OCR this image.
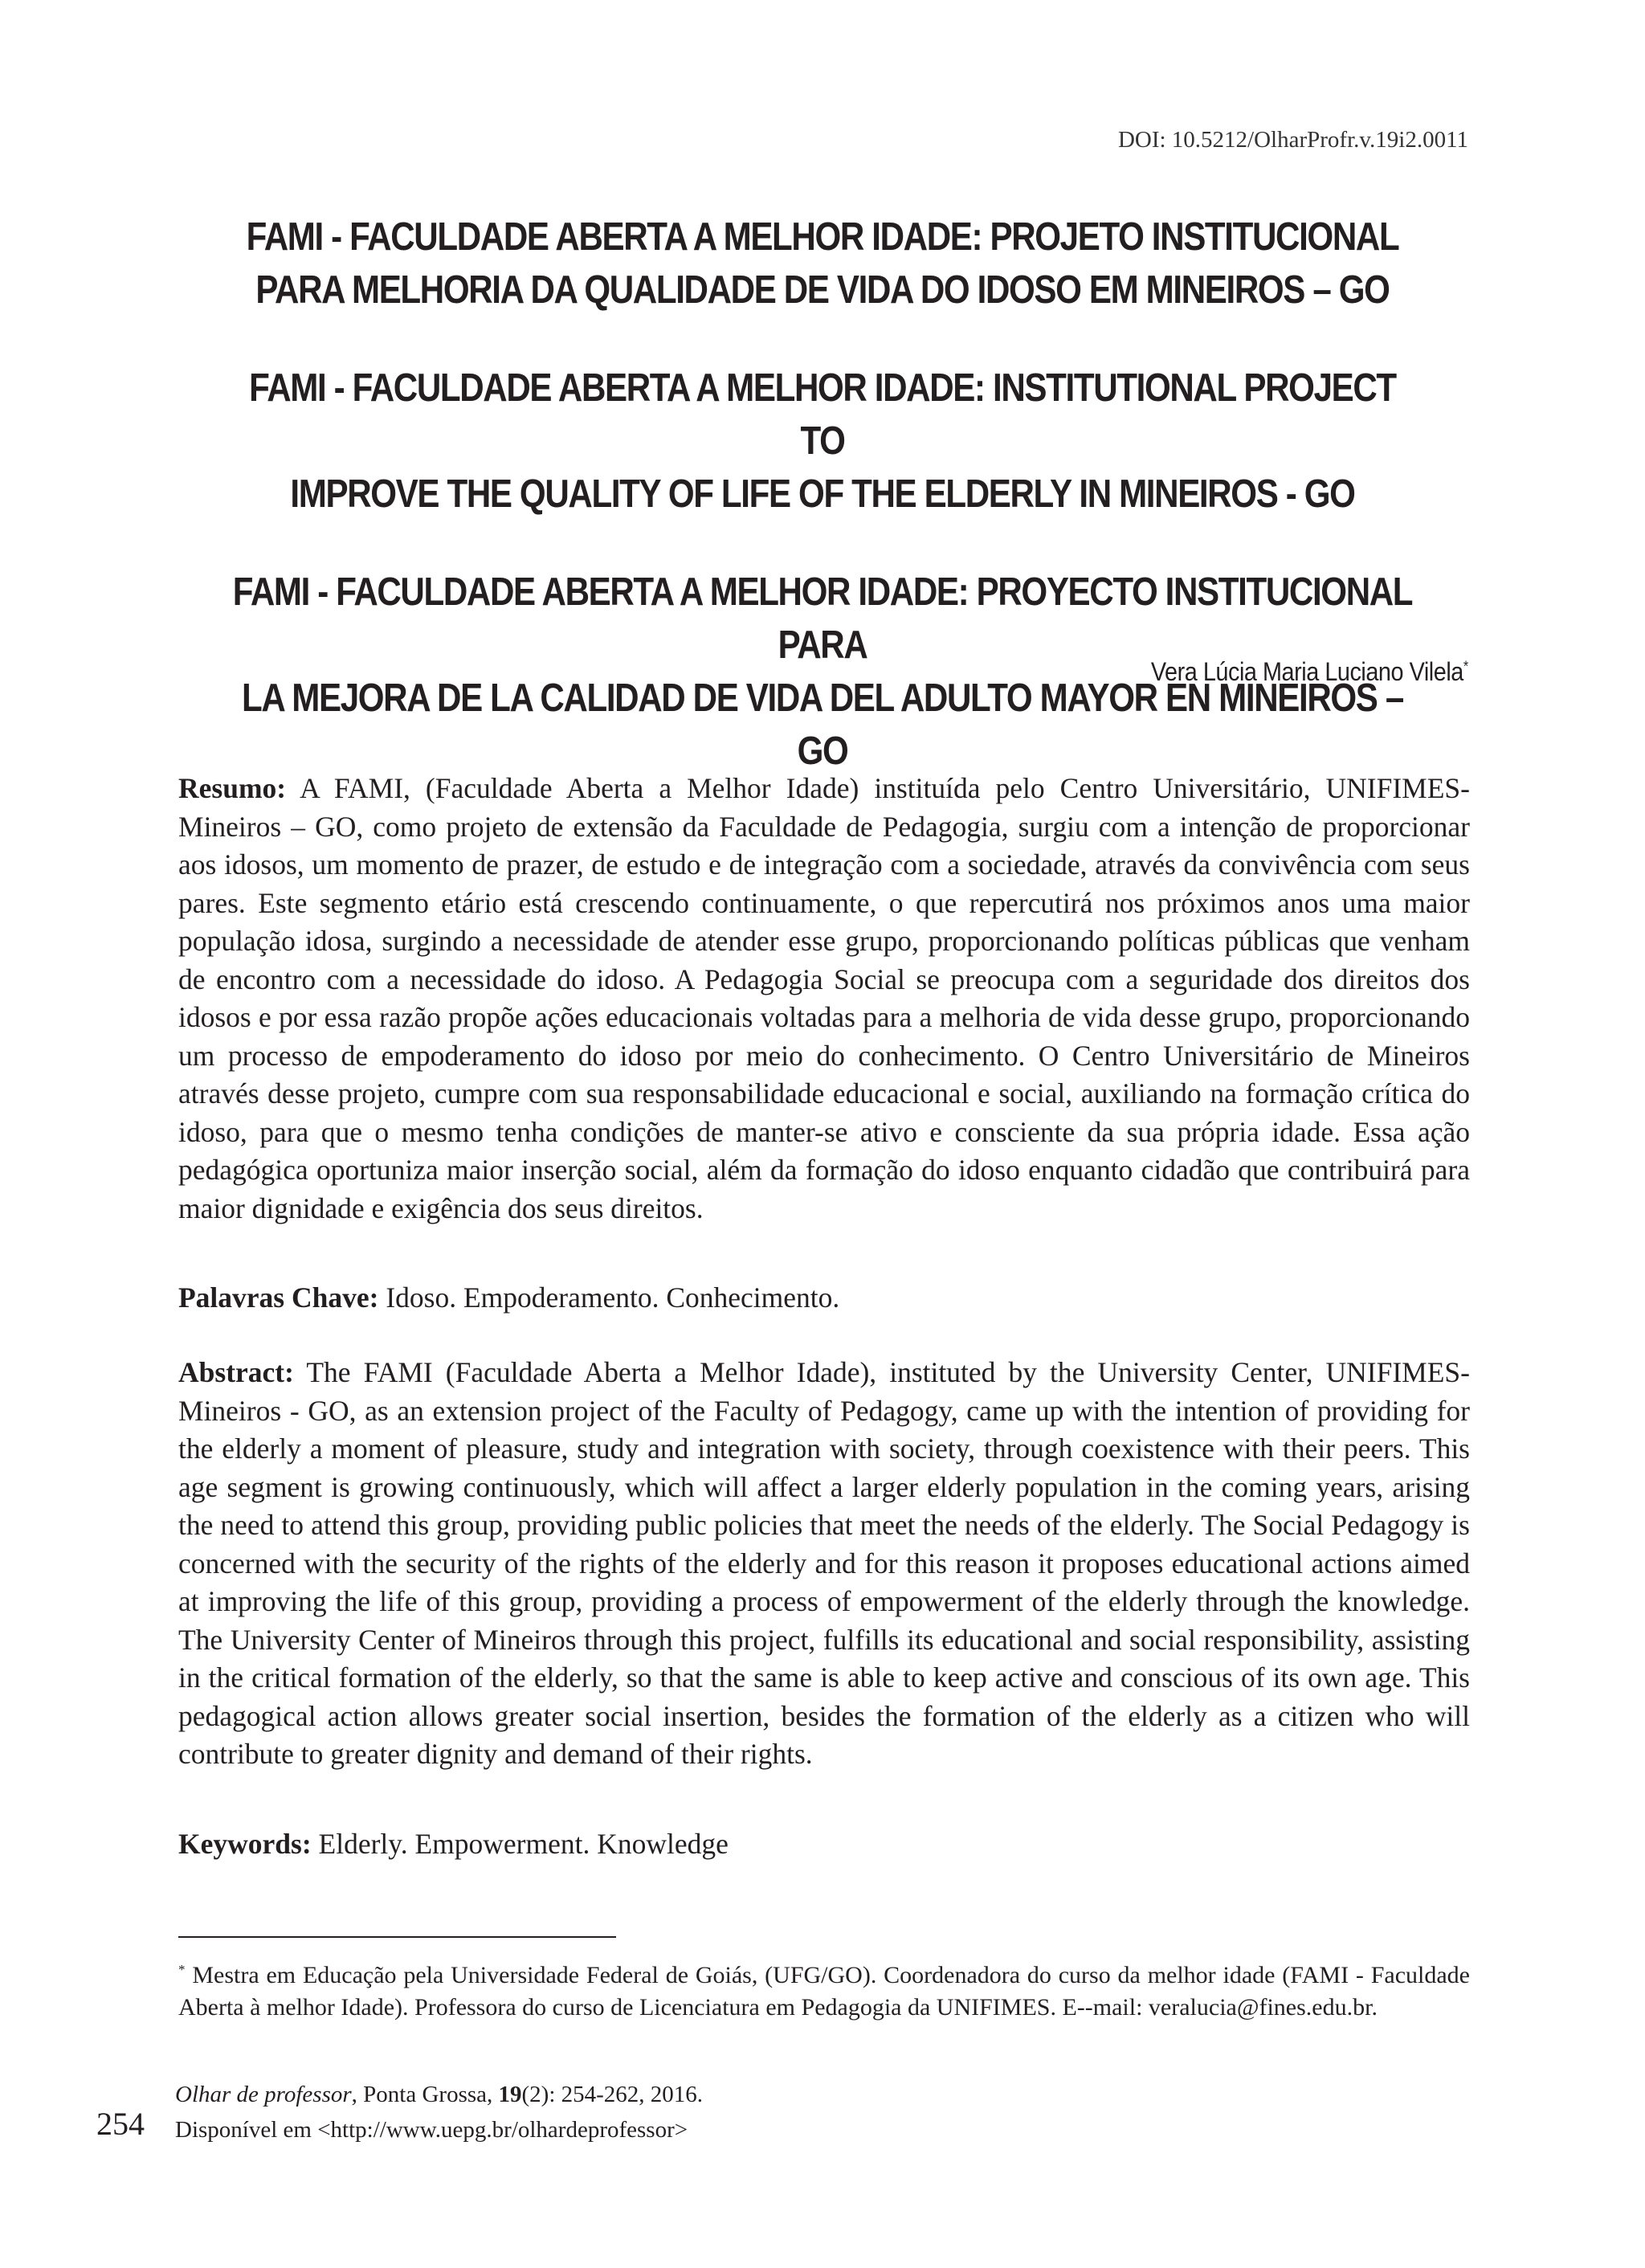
DOI: 10.5212/OlharProfr.v.19i2.0011
FAMI - FACULDADE ABERTA A MELHOR IDADE: PROJETO INSTITUCIONAL
PARA MELHORIA DA QUALIDADE DE VIDA DO IDOSO EM MINEIROS – GO
FAMI - FACULDADE ABERTA A MELHOR IDADE: INSTITUTIONAL PROJECT TO
IMPROVE THE QUALITY OF LIFE OF THE ELDERLY IN MINEIROS - GO
FAMI - FACULDADE ABERTA A MELHOR IDADE: PROYECTO INSTITUCIONAL PARA
LA MEJORA DE LA CALIDAD DE VIDA DEL ADULTO MAYOR EN MINEIROS – GO
Vera Lúcia Maria Luciano Vilela*
Resumo: A FAMI, (Faculdade Aberta a Melhor Idade) instituída pelo Centro Universitário, UNIFIMES-Mineiros – GO, como projeto de extensão da Faculdade de Pedagogia, surgiu com a intenção de proporcionar aos idosos, um momento de prazer, de estudo e de integração com a sociedade, através da convivência com seus pares. Este segmento etário está crescendo continuamente, o que repercutirá nos próximos anos uma maior população idosa, surgindo a necessidade de atender esse grupo, proporcionando políticas públicas que venham de encontro com a necessidade do idoso. A Pedagogia Social se preocupa com a seguridade dos direitos dos idosos e por essa razão propõe ações educacionais voltadas para a melhoria de vida desse grupo, proporcionando um processo de empoderamento do idoso por meio do conhecimento. O Centro Universitário de Mineiros através desse projeto, cumpre com sua responsabilidade educacional e social, auxiliando na formação crítica do idoso, para que o mesmo tenha condições de manter-se ativo e consciente da sua própria idade. Essa ação pedagógica oportuniza maior inserção social, além da formação do idoso enquanto cidadão que contribuirá para maior dignidade e exigência dos seus direitos.
Palavras Chave: Idoso. Empoderamento. Conhecimento.
Abstract: The FAMI (Faculdade Aberta a Melhor Idade), instituted by the University Center, UNIFIMES-Mineiros - GO, as an extension project of the Faculty of Pedagogy, came up with the intention of providing for the elderly a moment of pleasure, study and integration with society, through coexistence with their peers. This age segment is growing continuously, which will affect a larger elderly population in the coming years, arising the need to attend this group, providing public policies that meet the needs of the elderly. The Social Pedagogy is concerned with the security of the rights of the elderly and for this reason it proposes educational actions aimed at improving the life of this group, providing a process of empowerment of the elderly through the knowledge. The University Center of Mineiros through this project, fulfills its educational and social responsibility, assisting in the critical formation of the elderly, so that the same is able to keep active and conscious of its own age. This pedagogical action allows greater social insertion, besides the formation of the elderly as a citizen who will contribute to greater dignity and demand of their rights.
Keywords: Elderly. Empowerment. Knowledge
* Mestra em Educação pela Universidade Federal de Goiás, (UFG/GO). Coordenadora do curso da melhor idade (FAMI - Faculdade Aberta à melhor Idade). Professora do curso de Licenciatura em Pedagogia da UNIFIMES. E--mail: veralucia@fines.edu.br.
254
Olhar de professor, Ponta Grossa, 19(2): 254-262, 2016.
Disponível em <http://www.uepg.br/olhardeprofessor>
